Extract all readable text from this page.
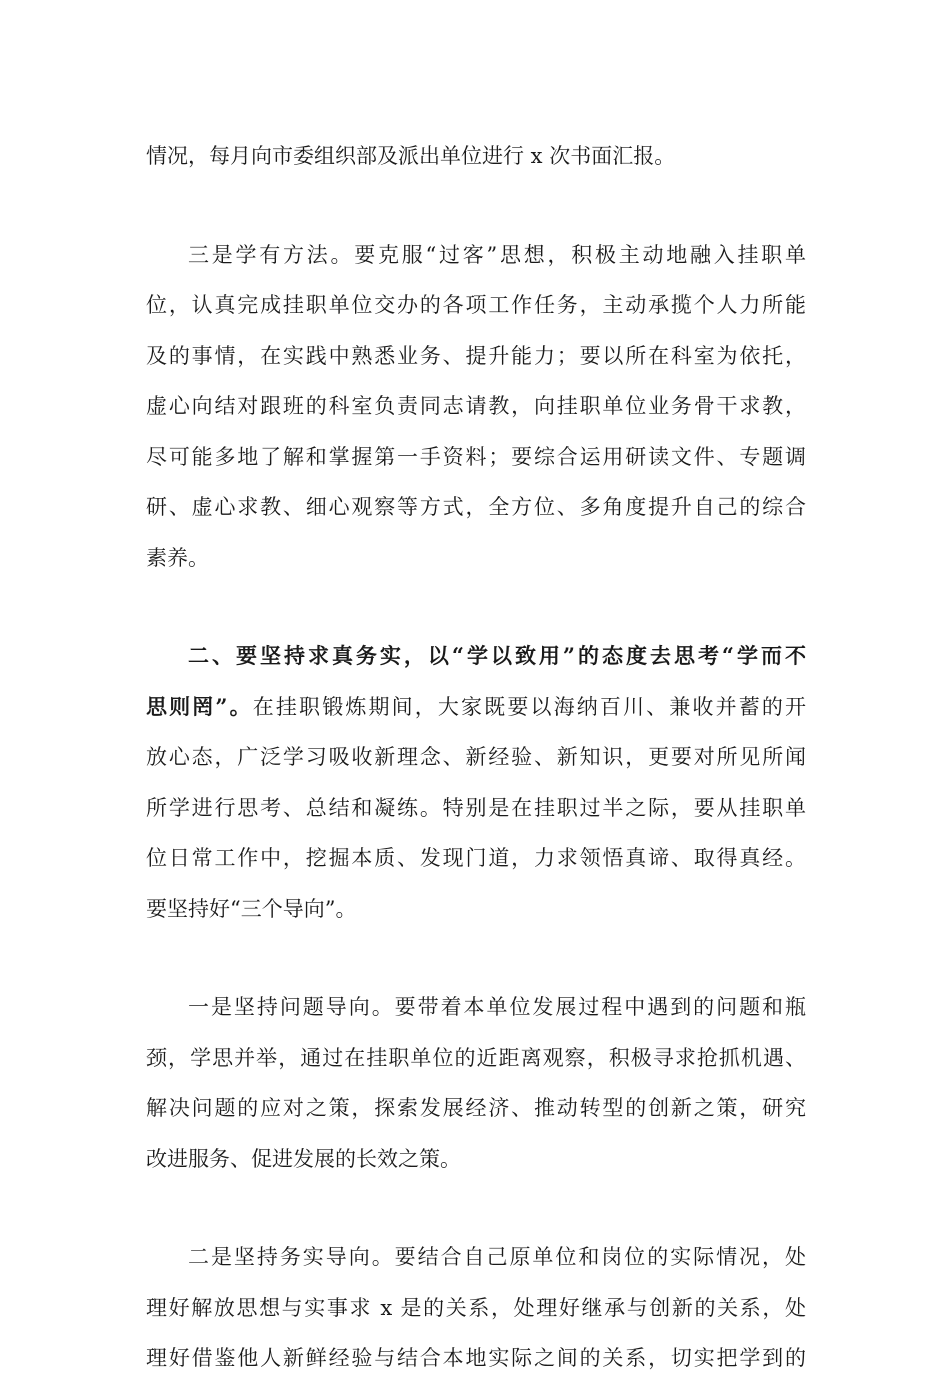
情况，每月向市委组织部及派出单位进行 x 次书面汇报。
三是学有方法。要克服“过客”思想，积极主动地融入挂职单
位，认真完成挂职单位交办的各项工作任务，主动承揽个人力所能
及的事情，在实践中熟悉业务、提升能力；要以所在科室为依托，
虚心向结对跟班的科室负责同志请教，向挂职单位业务骨干求教，
尽可能多地了解和掌握第一手资料；要综合运用研读文件、专题调
研、虚心求教、细心观察等方式，全方位、多角度提升自己的综合
素养。
二、要坚持求真务实，以“学以致用”的态度去思考“学而不
思则罔”。在挂职锻炼期间，大家既要以海纳百川、兼收并蓄的开
放心态，广泛学习吸收新理念、新经验、新知识，更要对所见所闻
所学进行思考、总结和凝练。特别是在挂职过半之际，要从挂职单
位日常工作中，挖掘本质、发现门道，力求领悟真谛、取得真经。
要坚持好“三个导向”。
一是坚持问题导向。要带着本单位发展过程中遇到的问题和瓶
颈，学思并举，通过在挂职单位的近距离观察，积极寻求抢抓机遇、
解决问题的应对之策，探索发展经济、推动转型的创新之策，研究
改进服务、促进发展的长效之策。
二是坚持务实导向。要结合自己原单位和岗位的实际情况，处
理好解放思想与实事求 x 是的关系，处理好继承与创新的关系，处
理好借鉴他人新鲜经验与结合本地实际之间的关系，切实把学到的
